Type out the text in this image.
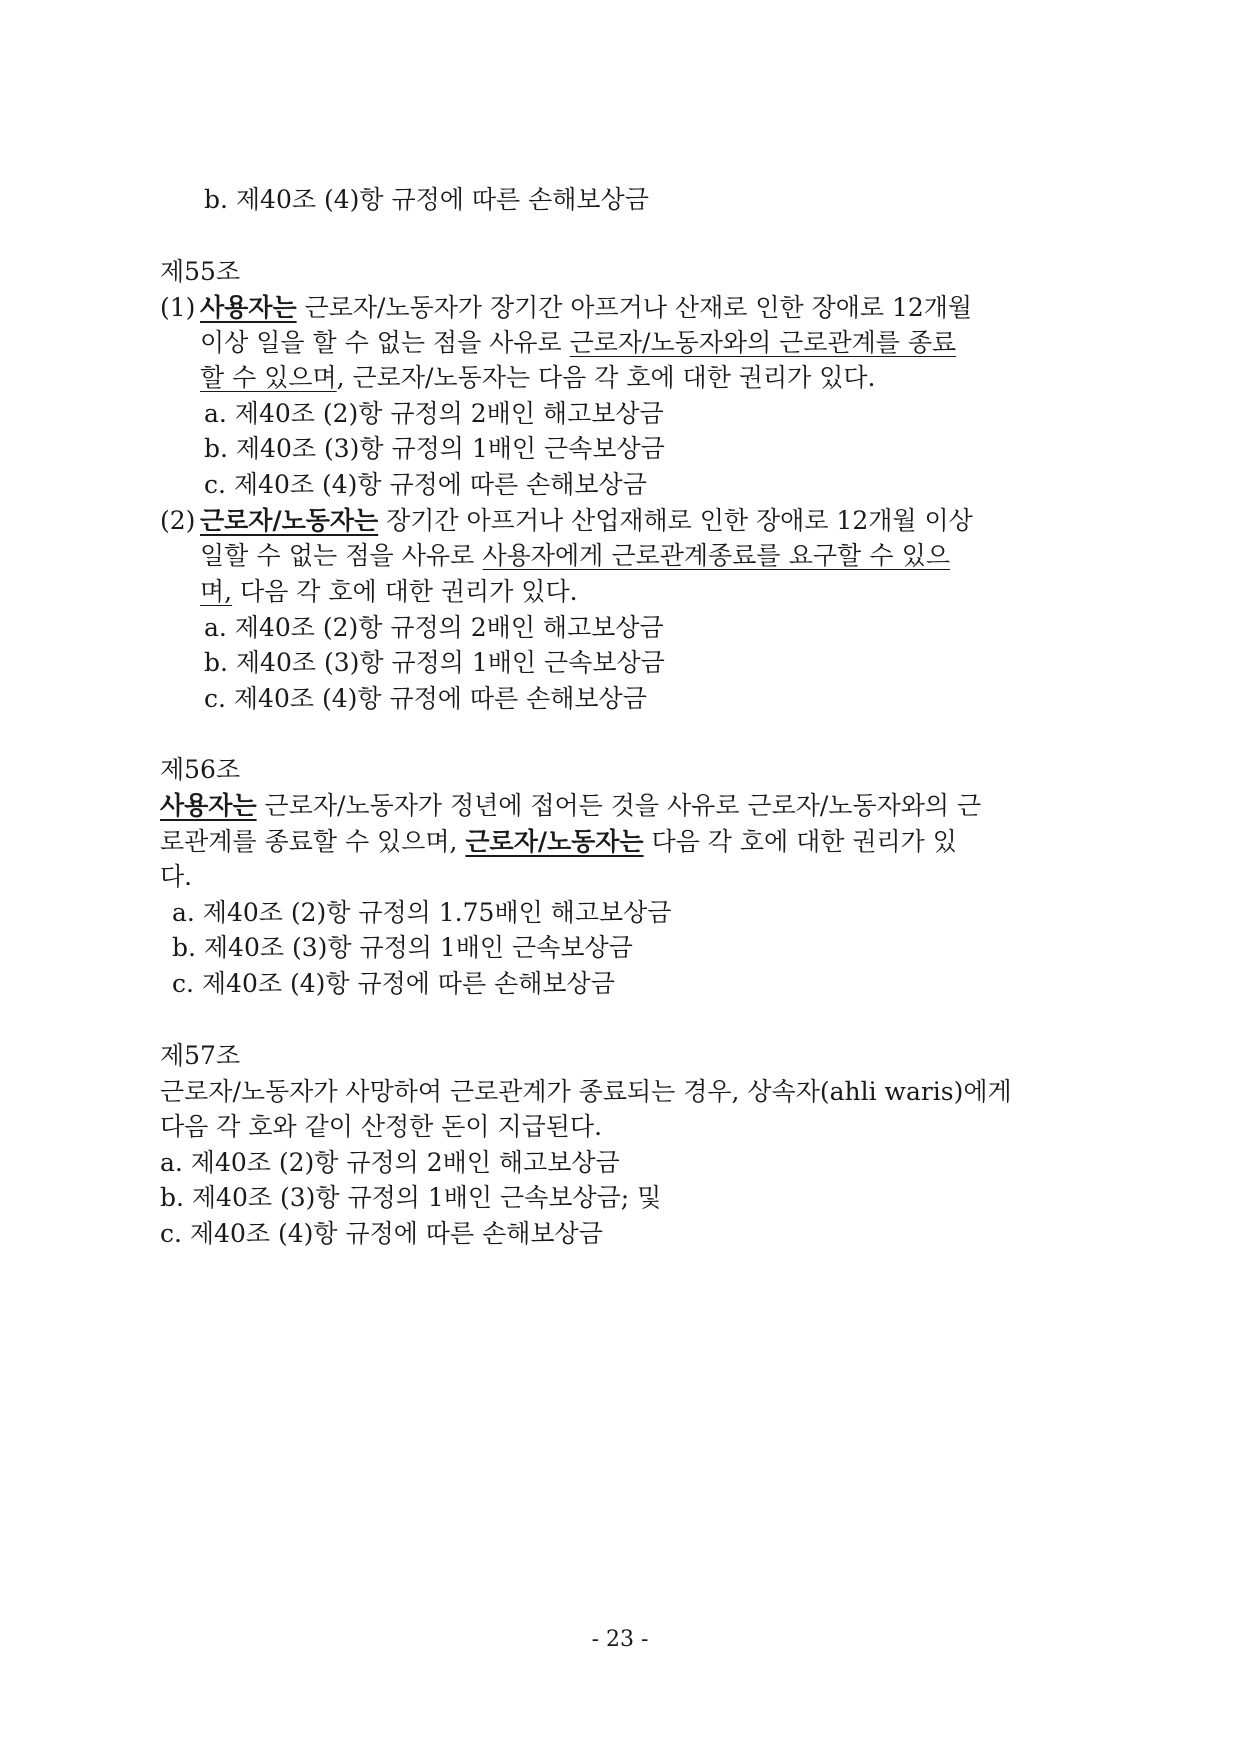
b. 제40조 (4)항 규정에 따른 손해보상금
제55조
(1) 사용자는 근로자/노동자가 장기간 아프거나 산재로 인한 장애로 12개월
이상 일을 할 수 없는 점을 사유로 근로자/노동자와의 근로관계를 종료
할 수 있으며, 근로자/노동자는 다음 각 호에 대한 권리가 있다.
a. 제40조 (2)항 규정의 2배인 해고보상금
b. 제40조 (3)항 규정의 1배인 근속보상금
c. 제40조 (4)항 규정에 따른 손해보상금
(2) 근로자/노동자는 장기간 아프거나 산업재해로 인한 장애로 12개월 이상
일할 수 없는 점을 사유로 사용자에게 근로관계종료를 요구할 수 있으
며, 다음 각 호에 대한 권리가 있다.
a. 제40조 (2)항 규정의 2배인 해고보상금
b. 제40조 (3)항 규정의 1배인 근속보상금
c. 제40조 (4)항 규정에 따른 손해보상금
제56조
사용자는 근로자/노동자가 정년에 접어든 것을 사유로 근로자/노동자와의 근
로관계를 종료할 수 있으며, 근로자/노동자는 다음 각 호에 대한 권리가 있
다.
a. 제40조 (2)항 규정의 1.75배인 해고보상금
b. 제40조 (3)항 규정의 1배인 근속보상금
c. 제40조 (4)항 규정에 따른 손해보상금
제57조
근로자/노동자가 사망하여 근로관계가 종료되는 경우, 상속자(ahli waris)에게
다음 각 호와 같이 산정한 돈이 지급된다.
a. 제40조 (2)항 규정의 2배인 해고보상금
b. 제40조 (3)항 규정의 1배인 근속보상금; 및
c. 제40조 (4)항 규정에 따른 손해보상금
- 23 -
